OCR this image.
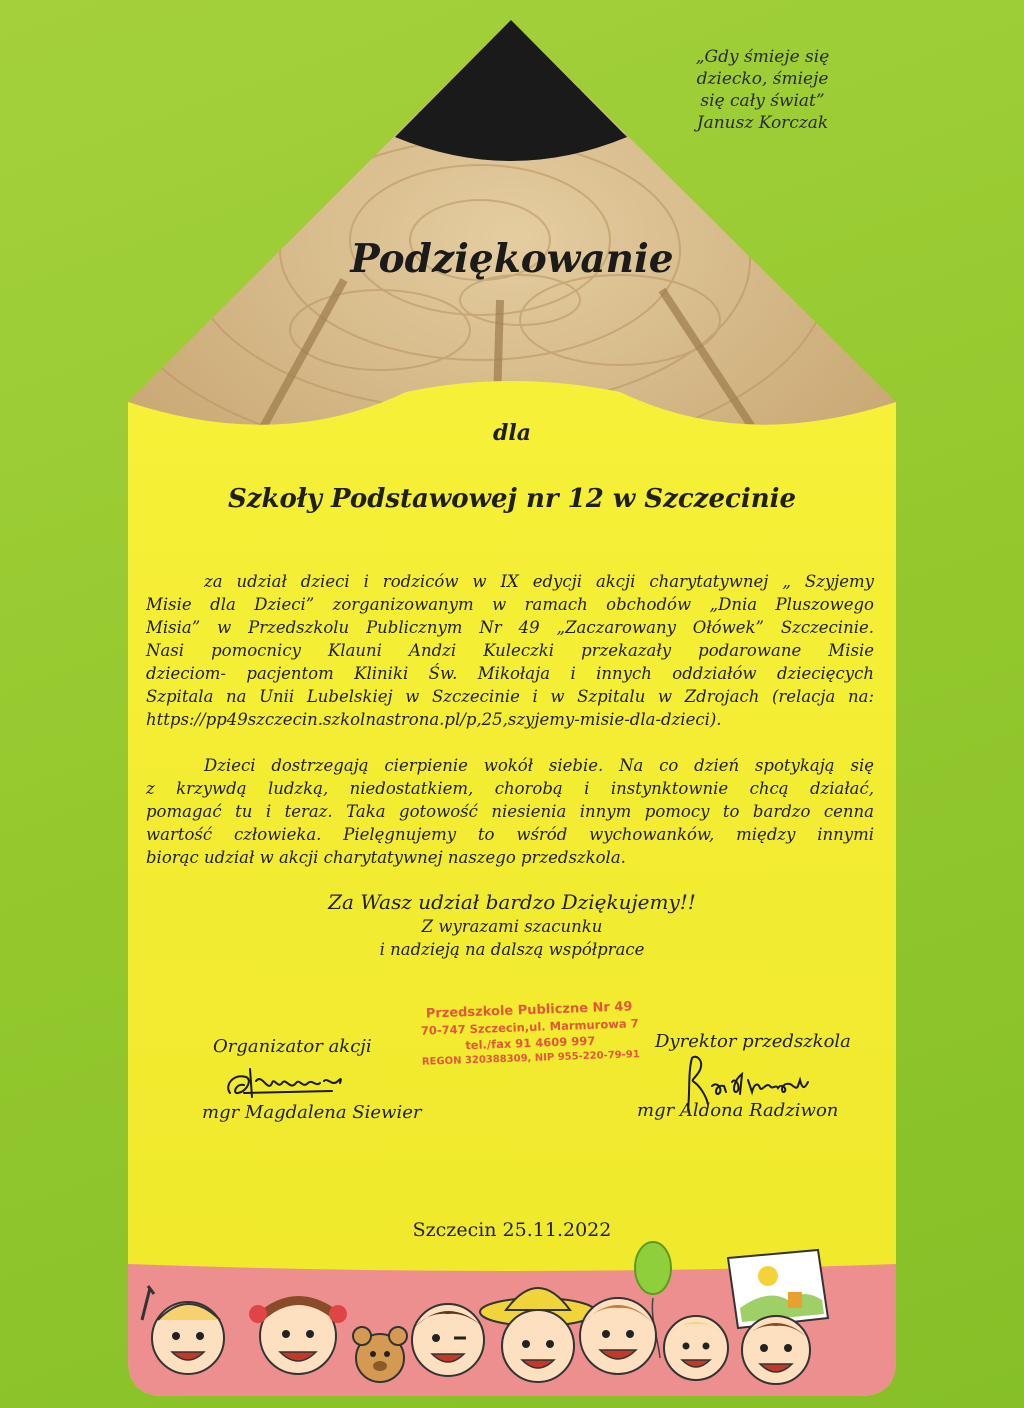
„Gdy śmieje się
dziecko, śmieje
się cały świat”
Janusz Korczak
Podziękowanie
dla
Szkoły Podstawowej nr 12 w Szczecinie
za udział dzieci i rodziców w IX edycji akcji charytatywnej „ Szyjemy
Misie dla Dzieci” zorganizowanym w ramach obchodów „Dnia Pluszowego
Misia” w Przedszkolu Publicznym Nr 49 „Zaczarowany Ołówek” Szczecinie.
Nasi pomocnicy Klauni Andzi Kuleczki przekazały podarowane Misie
dzieciom- pacjentom Kliniki Św. Mikołaja i innych oddziałów dziecięcych
Szpitala na Unii Lubelskiej w Szczecinie i w Szpitalu w Zdrojach (relacja na:
https://pp49szczecin.szkolnastrona.pl/p,25,szyjemy-misie-dla-dzieci).
Dzieci dostrzegają cierpienie wokół siebie. Na co dzień spotykają się
z krzywdą ludzką, niedostatkiem, chorobą i instynktownie chcą działać,
pomagać tu i teraz. Taka gotowość niesienia innym pomocy to bardzo cenna
wartość człowieka. Pielęgnujemy to wśród wychowanków, między innymi
biorąc udział w akcji charytatywnej naszego przedszkola.
Za Wasz udział bardzo Dziękujemy!!
Z wyrazami szacunku
i nadzieją na dalszą współprace
Przedszkole Publiczne Nr 49
70-747 Szczecin,ul. Marmurowa 7
tel./fax 91 4609 997
REGON 320388309, NIP 955-220-79-91
Organizator akcji
mgr Magdalena Siewier
Dyrektor przedszkola
mgr Aldona Radziwon
Szczecin 25.11.2022
